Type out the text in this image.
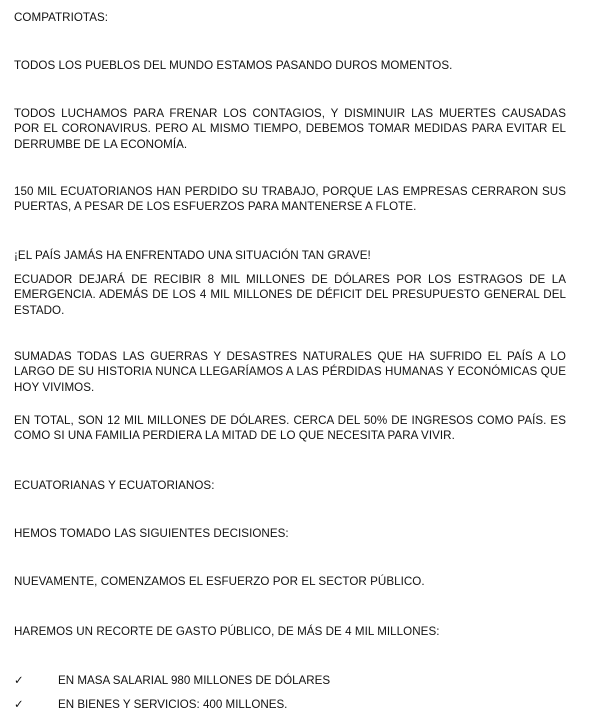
COMPATRIOTAS:

TODOS LOS PUEBLOS DEL MUNDO ESTAMOS PASANDO DUROS MOMENTOS.

TODOS LUCHAMOS PARA FRENAR LOS CONTAGIOS, Y DISMINUIR LAS MUERTES CAUSADAS POR EL CORONAVIRUS. PERO AL MISMO TIEMPO, DEBEMOS TOMAR MEDIDAS PARA EVITAR EL DERRUMBE DE LA ECONOMÍA.

150 MIL ECUATORIANOS HAN PERDIDO SU TRABAJO, PORQUE LAS EMPRESAS CERRARON SUS PUERTAS, A PESAR DE LOS ESFUERZOS PARA MANTENERSE A FLOTE.

¡EL PAÍS JAMÁS HA ENFRENTADO UNA SITUACIÓN TAN GRAVE!

ECUADOR DEJARÁ DE RECIBIR 8 MIL MILLONES DE DÓLARES POR LOS ESTRAGOS DE LA EMERGENCIA. ADEMÁS DE LOS 4 MIL MILLONES DE DÉFICIT DEL PRESUPUESTO GENERAL DEL ESTADO.

SUMADAS TODAS LAS GUERRAS Y DESASTRES NATURALES QUE HA SUFRIDO EL PAÍS A LO LARGO DE SU HISTORIA NUNCA LLEGARÍAMOS A LAS PÉRDIDAS HUMANAS Y ECONÓMICAS QUE HOY VIVIMOS.

EN TOTAL, SON 12 MIL MILLONES DE DÓLARES. CERCA DEL 50% DE INGRESOS COMO PAÍS. ES COMO SI UNA FAMILIA PERDIERA LA MITAD DE LO QUE NECESITA PARA VIVIR.

ECUATORIANAS Y ECUATORIANOS:

HEMOS TOMADO LAS SIGUIENTES DECISIONES:

NUEVAMENTE, COMENZAMOS EL ESFUERZO POR EL SECTOR PÚBLICO.

HAREMOS UN RECORTE DE GASTO PÚBLICO, DE MÁS DE 4 MIL MILLONES:

✓	EN MASA SALARIAL 980 MILLONES DE DÓLARES
✓	EN BIENES Y SERVICIOS: 400 MILLONES.
